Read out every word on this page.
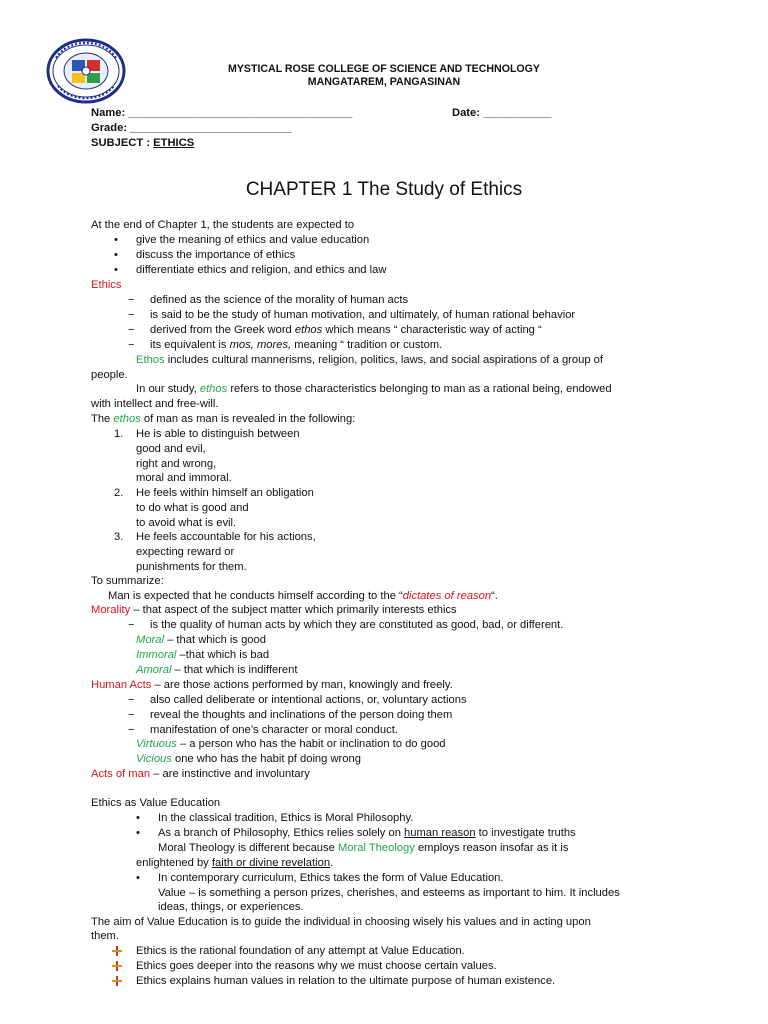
MYSTICAL ROSE COLLEGE OF SCIENCE AND TECHNOLOGY
MANGATAREM, PANGASINAN
Name: ____________________________________	Date: ___________
Grade: __________________________
SUBJECT : ETHICS
CHAPTER 1 The Study of Ethics
At the end of Chapter 1, the students are expected to
• give the meaning of ethics and value education
• discuss the importance of ethics
• differentiate ethics and religion, and ethics and law
Ethics
− defined as the science of the morality of human acts
− is said to be the study of human motivation, and ultimately, of human rational behavior
− derived from the Greek word ethos which means “ characteristic way of acting “
− its equivalent is mos, mores, meaning “ tradition or custom.
Ethos includes cultural mannerisms, religion, politics, laws, and social aspirations of a group of
people.
In our study, ethos refers to those characteristics belonging to man as a rational being, endowed
with intellect and free-will.
The ethos of man as man is revealed in the following:
1. He is able to distinguish between
good and evil,
right and wrong,
moral and immoral.
2. He feels within himself an obligation
to do what is good and
to avoid what is evil.
3. He feels accountable for his actions,
expecting reward or
punishments for them.
To summarize:
Man is expected that he conducts himself according to the “dictates of reason“.
Morality – that aspect of the subject matter which primarily interests ethics
− is the quality of human acts by which they are constituted as good, bad, or different.
Moral – that which is good
Immoral –that which is bad
Amoral – that which is indifferent
Human Acts – are those actions performed by man, knowingly and freely.
− also called deliberate or intentional actions, or, voluntary actions
− reveal the thoughts and inclinations of the person doing them
− manifestation of one’s character or moral conduct.
Virtuous – a person who has the habit or inclination to do good
Vicious one who has the habit pf doing wrong
Acts of man – are instinctive and involuntary
Ethics as Value Education
• In the classical tradition, Ethics is Moral Philosophy.
• As a branch of Philosophy, Ethics relies solely on human reason to investigate truths
Moral Theology is different because Moral Theology employs reason insofar as it is
enlightened by faith or divine revelation.
• In contemporary curriculum, Ethics takes the form of Value Education.
Value – is something a person prizes, cherishes, and esteems as important to him. It includes
ideas, things, or experiences.
The aim of Value Education is to guide the individual in choosing wisely his values and in acting upon
them.
Ethics is the rational foundation of any attempt at Value Education.
Ethics goes deeper into the reasons why we must choose certain values.
Ethics explains human values in relation to the ultimate purpose of human existence.
